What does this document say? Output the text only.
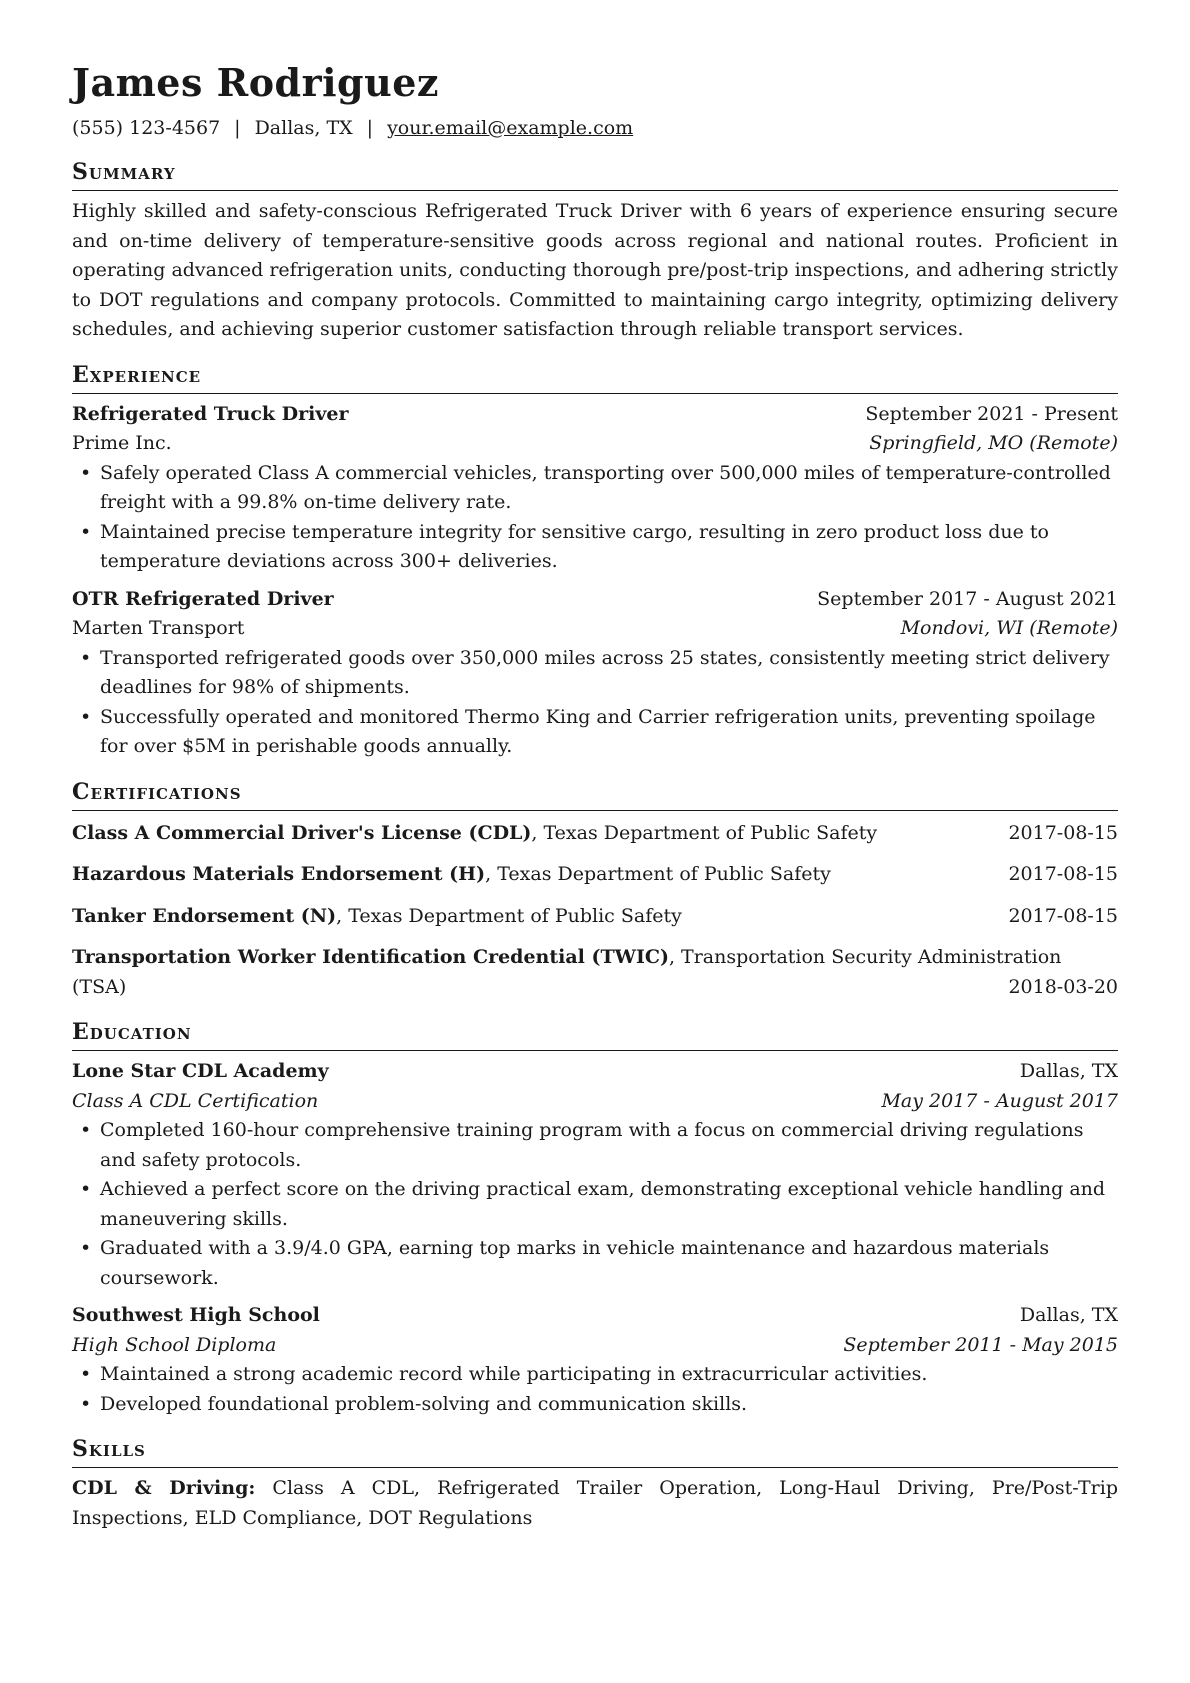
James Rodriguez
(555) 123-4567 | Dallas, TX | your.email@example.com
Summary

Highly skilled and safety-conscious Refrigerated Truck Driver with 6 years of experience ensuring secure and on-time delivery of temperature-sensitive goods across regional and national routes. Proficient in operating advanced refrigeration units, conducting thorough pre/post-trip inspections, and adhering strictly to DOT regulations and company protocols. Committed to maintaining cargo integrity, optimizing delivery schedules, and achieving superior customer satisfaction through reliable transport services.

Experience
Refrigerated Truck Driver	September 2021 - Present
Prime Inc.	Springfield, MO (Remote)
• Safely operated Class A commercial vehicles, transporting over 500,000 miles of temperature-controlled freight with a 99.8% on-time delivery rate.
• Maintained precise temperature integrity for sensitive cargo, resulting in zero product loss due to temperature deviations across 300+ deliveries.
OTR Refrigerated Driver	September 2017 - August 2021
Marten Transport	Mondovi, WI (Remote)
• Transported refrigerated goods over 350,000 miles across 25 states, consistently meeting strict delivery deadlines for 98% of shipments.
• Successfully operated and monitored Thermo King and Carrier refrigeration units, preventing spoilage for over $5M in perishable goods annually.
Certifications
Class A Commercial Driver's License (CDL), Texas Department of Public Safety	2017-08-15
Hazardous Materials Endorsement (H), Texas Department of Public Safety	2017-08-15
Tanker Endorsement (N), Texas Department of Public Safety	2017-08-15
Transportation Worker Identification Credential (TWIC), Transportation Security Administration
(TSA)	2018-03-20
Education
Lone Star CDL Academy	Dallas, TX
Class A CDL Certification	May 2017 - August 2017
• Completed 160-hour comprehensive training program with a focus on commercial driving regulations and safety protocols.
• Achieved a perfect score on the driving practical exam, demonstrating exceptional vehicle handling and maneuvering skills.
• Graduated with a 3.9/4.0 GPA, earning top marks in vehicle maintenance and hazardous materials coursework.
Southwest High School	Dallas, TX
High School Diploma	September 2011 - May 2015
• Maintained a strong academic record while participating in extracurricular activities.
• Developed foundational problem-solving and communication skills.
Skills
CDL & Driving: Class A CDL, Refrigerated Trailer Operation, Long-Haul Driving, Pre/Post-Trip Inspections, ELD Compliance, DOT Regulations
